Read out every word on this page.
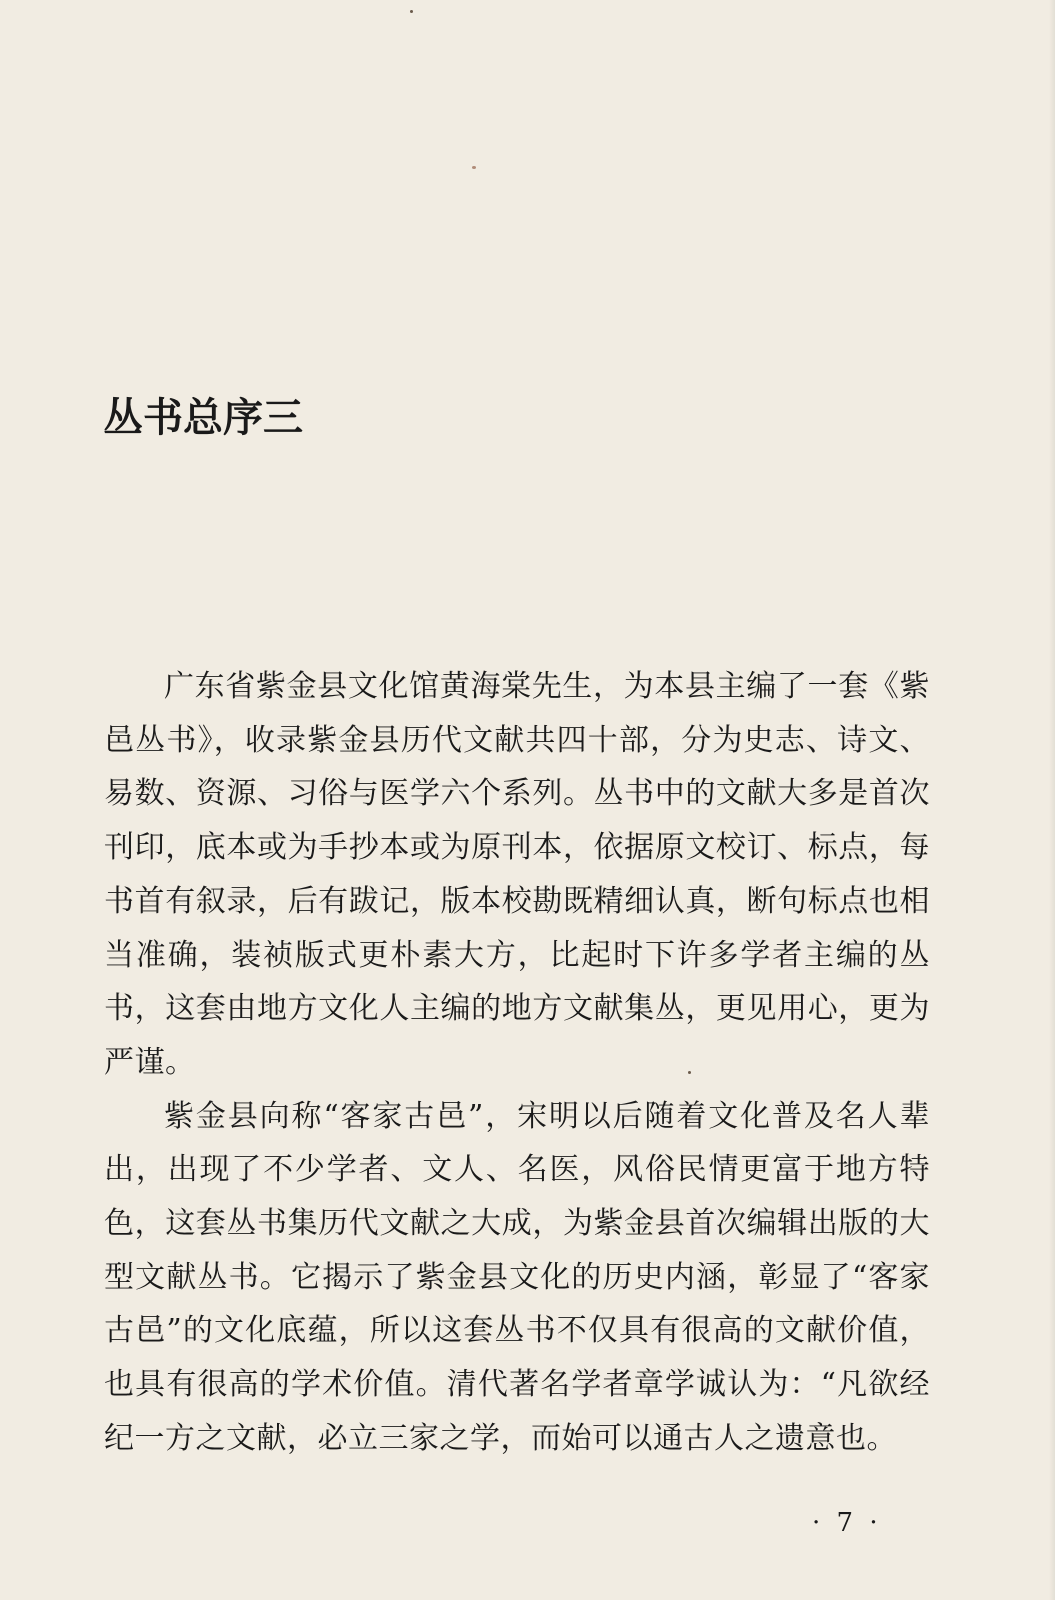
丛书总序三

广东省紫金县文化馆黄海棠先生，为本县主编了一套《紫邑丛书》，收录紫金县历代文献共四十部，分为史志、诗文、易数、资源、习俗与医学六个系列。丛书中的文献大多是首次刊印，底本或为手抄本或为原刊本，依据原文校订、标点，每书首有叙录，后有跋记，版本校勘既精细认真，断句标点也相当准确，装祯版式更朴素大方，比起时下许多学者主编的丛书，这套由地方文化人主编的地方文献集丛，更见用心，更为严谨。

紫金县向称“客家古邑”，宋明以后随着文化普及名人辈出，出现了不少学者、文人、名医，风俗民情更富于地方特色，这套丛书集历代文献之大成，为紫金县首次编辑出版的大型文献丛书。它揭示了紫金县文化的历史内涵，彰显了“客家古邑”的文化底蕴，所以这套丛书不仅具有很高的文献价值，也具有很高的学术价值。清代著名学者章学诚认为：“凡欲经纪一方之文献，必立三家之学，而始可以通古人之遗意也。

· 7 ·
